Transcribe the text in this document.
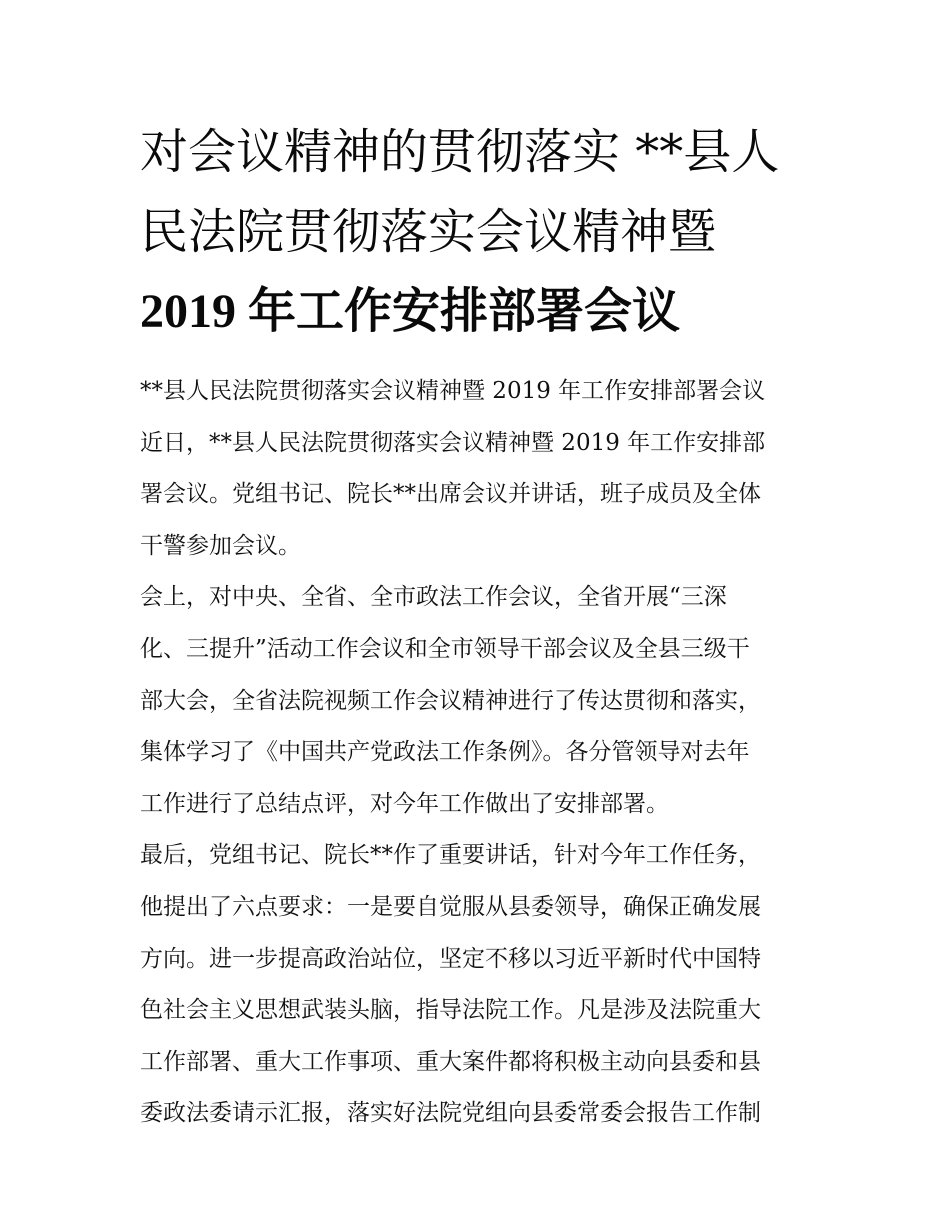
对会议精神的贯彻落实 **县人
民法院贯彻落实会议精神暨
2019 年工作安排部署会议

**县人民法院贯彻落实会议精神暨 2019 年工作安排部署会议

近日，**县人民法院贯彻落实会议精神暨 2019 年工作安排部
署会议。党组书记、院长**出席会议并讲话，班子成员及全体
干警参加会议。

会上，对中央、全省、全市政法工作会议，全省开展“三深
化、三提升”活动工作会议和全市领导干部会议及全县三级干
部大会，全省法院视频工作会议精神进行了传达贯彻和落实，
集体学习了《中国共产党政法工作条例》。各分管领导对去年
工作进行了总结点评，对今年工作做出了安排部署。

最后，党组书记、院长**作了重要讲话，针对今年工作任务，
他提出了六点要求：一是要自觉服从县委领导，确保正确发展
方向。进一步提高政治站位，坚定不移以习近平新时代中国特
色社会主义思想武装头脑，指导法院工作。凡是涉及法院重大
工作部署、重大工作事项、重大案件都将积极主动向县委和县
委政法委请示汇报，落实好法院党组向县委常委会报告工作制
